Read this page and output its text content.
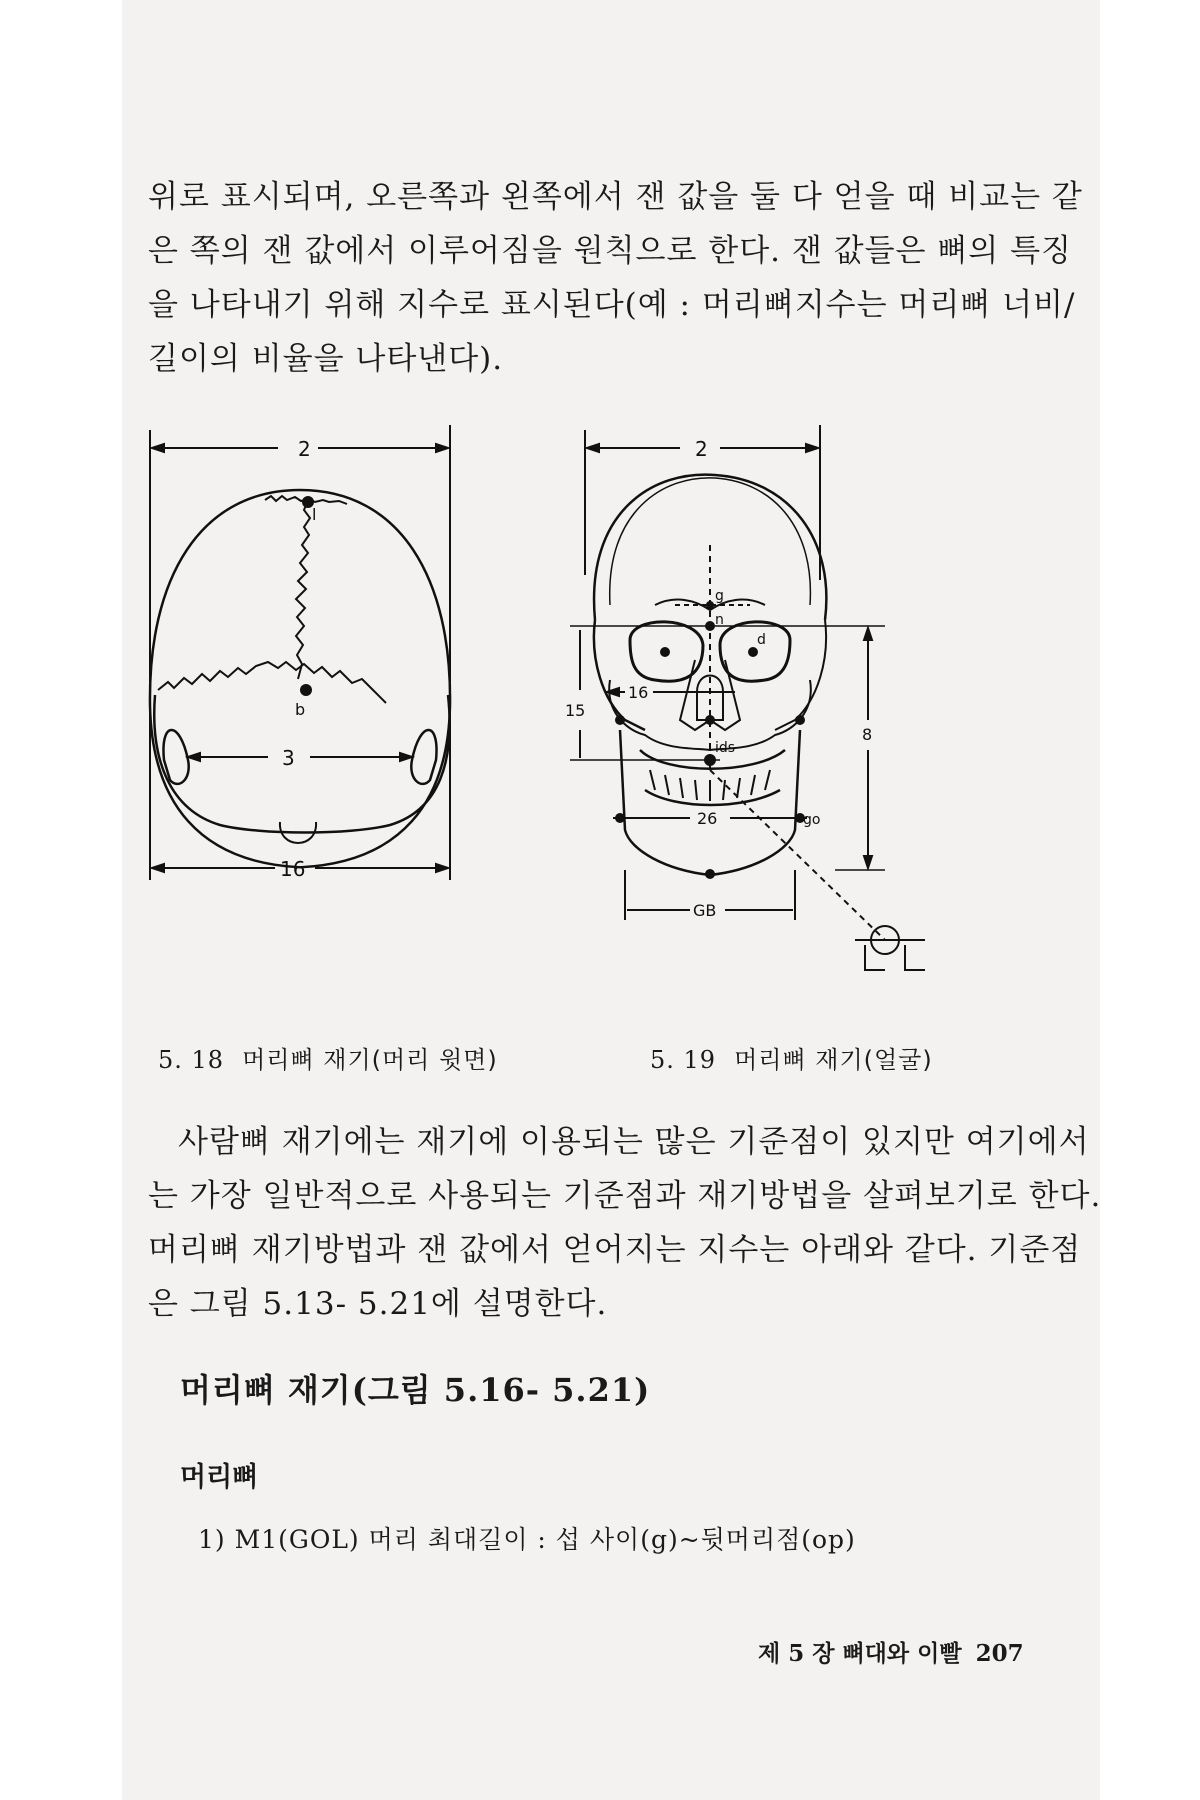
위로 표시되며, 오른쪽과 왼쪽에서 잰 값을 둘 다 얻을 때 비교는 같
은 쪽의 잰 값에서 이루어짐을 원칙으로 한다. 잰 값들은 뼈의 특징
을 나타내기 위해 지수로 표시된다(예 : 머리뼈지수는 머리뼈 너비/
길이의 비율을 나타낸다).

2
l
b
3
16
2
g
n
d
16
15
ids
8
26	go
GB
5. 18 머리뼈 재기(머리 윗면)	5. 19 머리뼈 재기(얼굴)

사람뼈 재기에는 재기에 이용되는 많은 기준점이 있지만 여기에서
는 가장 일반적으로 사용되는 기준점과 재기방법을 살펴보기로 한다.
머리뼈 재기방법과 잰 값에서 얻어지는 지수는 아래와 같다. 기준점
은 그림 5.13- 5.21에 설명한다.

머리뼈 재기(그림 5.16- 5.21)
머리뼈
1) M1(GOL) 머리 최대길이 : 섭 사이(g)~뒷머리점(op)
제 5 장 뼈대와 이빨 207
